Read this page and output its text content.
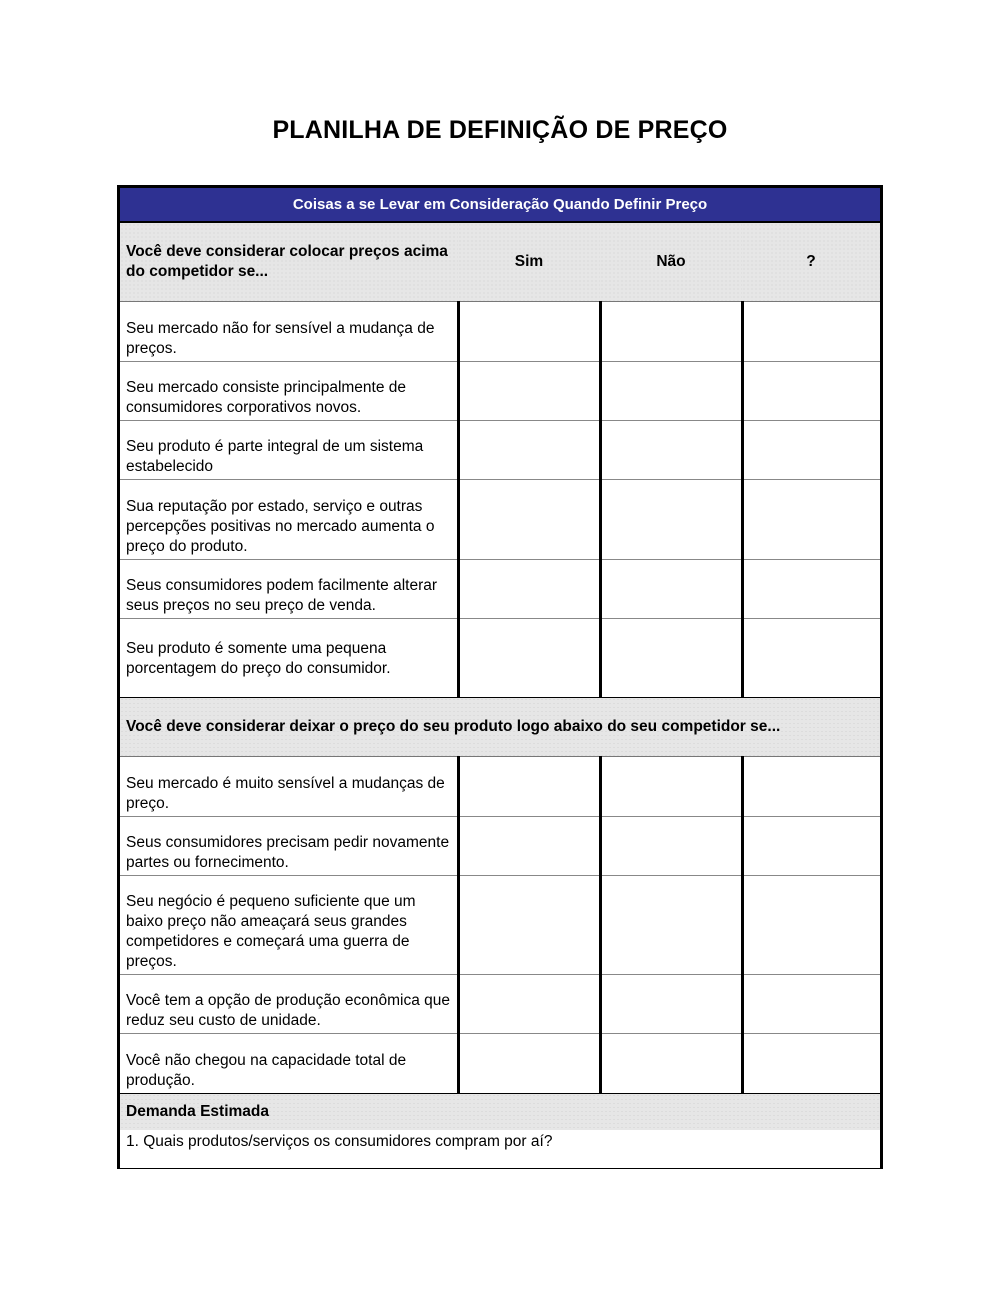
PLANILHA DE DEFINIÇÃO DE PREÇO
Coisas a se Levar em Consideração Quando Definir Preço			
Você deve considerar colocar preços acima do competidor se...	Sim	Não	?
Seu mercado não for sensível a mudança de preços.			
Seu mercado consiste principalmente de consumidores corporativos novos.			
Seu produto é parte integral de um sistema estabelecido			
Sua reputação por estado, serviço e outras percepções positivas no mercado aumenta o preço do produto.			
Seus consumidores podem facilmente alterar seus preços no seu preço de venda.			
Seu produto é somente uma pequena porcentagem do preço do consumidor.			
Você deve considerar deixar o preço do seu produto logo abaixo do seu competidor se...			
Seu mercado é muito sensível a mudanças de preço.			
Seus consumidores precisam pedir novamente partes ou fornecimento.			
Seu negócio é pequeno suficiente que um baixo preço não ameaçará seus grandes competidores e começará uma guerra de preços.			
Você tem a opção de produção econômica que reduz seu custo de unidade.			
Você não chegou na capacidade total de produção.			
Demanda Estimada			
1. Quais produtos/serviços os consumidores compram por aí?			
